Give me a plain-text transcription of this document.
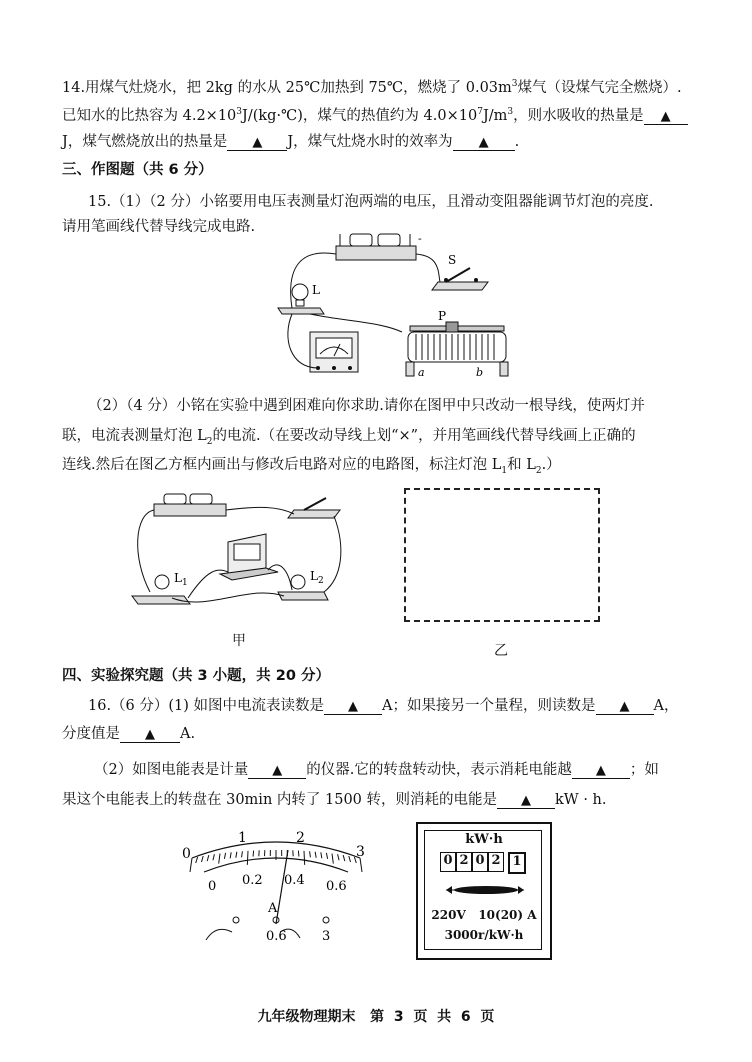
14.用煤气灶烧水，把 2kg 的水从 25℃加热到 75℃，燃烧了 $0.03m^3$煤气（设煤气完全燃烧）.
已知水的比热容为 $4.2\times 10^3J/(kg\cdot℃)$，煤气的热值约为 $4.0\times 10^7J/m^3$，则水吸收的热量是 ▲
J，煤气燃烧放出的热量是 ▲ J，煤气灶烧水时的效率为 ▲ .
三、作图题（共 6 分）
15.（1）（2 分）小铭要用电压表测量灯泡两端的电压，且滑动变阻器能调节灯泡的亮度.
请用笔画线代替导线完成电路.
-
S
L
P
a	b
（2）（4 分）小铭在实验中遇到困难向你求助.请你在图甲中只改动一根导线，使两灯并
联，电流表测量灯泡 $L_2$的电流.（在要改动导线上划“×”，并用笔画线代替导线画上正确的
连线.然后在图乙方框内画出与修改后电路对应的电路图，标注灯泡 $L_1$和 $L_2$.）
$L_1$	$L_2$
甲
乙
四、实验探究题（共 3 小题，共 20 分）
16.（6 分）(1) 如图中电流表读数是 ▲ A；如果接另一个量程，则读数是 ▲ A，
分度值是 ▲ A.
（2）如图电能表是计量 ▲ 的仪器.它的转盘转动快，表示消耗电能越 ▲ ；如
果这个电能表上的转盘在 30min 内转了 1500 转，则消耗的电能是 ▲ kW · h.
0
1	2
3
0 0.2 0.4 0.6
A
0.6	3
kW·h
0 2 0 2 1
220V   10(20) A
3000r/kW·h
九年级物理期末   第  3  页  共  6  页
